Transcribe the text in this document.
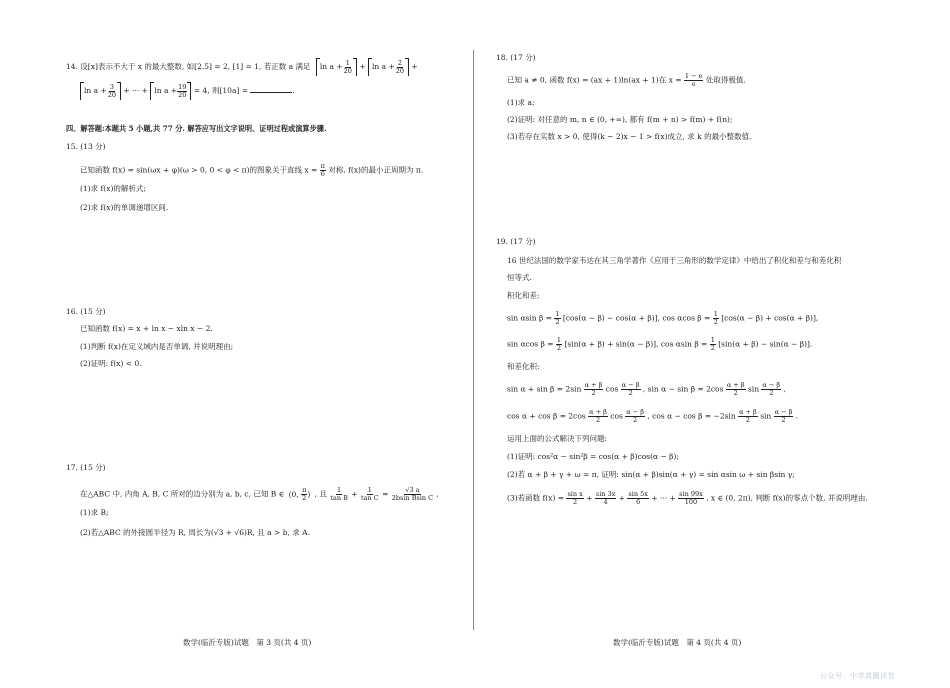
14. 设[x]表示不大于 x 的最大整数, 如[2.5] = 2, [1] = 1, 若正数 a 满足 $\ln a + \frac{1}{20} + \ln a + \frac{2}{20}$ +
$\ln a + \frac{3}{20}$ + ··· + $\ln a + \frac{19}{20} = 4$, 则[10a] =	.
四、解答题:本题共 5 小题,共 77 分. 解答应写出文字说明、证明过程或演算步骤.
15. (13 分)
已知函数 f(x) = sin(ωx + φ)(ω > 0, 0 < φ < π)的图象关于直线 $x = \frac{\pi}{6}$ 对称, f(x)的最小正周期为 π.
(1)求 f(x)的解析式;
(2)求 f(x)的单调递增区间.
16. (15 分)
已知函数 f(x) = x + ln x − xln x − 2.
(1)判断 f(x)在定义域内是否单调, 并说明理由;
(2)证明: f(x) < 0.
17. (15 分)
在△ABC 中, 内角 A, B, C 所对的边分别为 a, b, c, 已知 B ∈ ( 0,
$\frac{\pi}{2}$ ) , 且 $\frac{1}{\text{tan B}} + \frac{1}{\text{tan C}} = \frac{√3 a}{\text{2bsin Bsin C}}$ ,
(1)求 B;
(2)若△ABC 的外接圆半径为 R, 周长为(√3 + √6)R, 且 a > b, 求 A.
数学(临沂专版)试题　第 3 页(共 4 页)
18. (17 分)
已知 a ≠ 0, 函数 f(x) = (ax + 1)ln(ax + 1)在 $x = \frac{1 - e}{e}$ 处取得极值.
(1)求 a;
(2)证明: 对任意的 m, n ∈ (0, +∞), 都有 f(m + n) > f(m) + f(n);
(3)若存在实数 x > 0, 使得(k − 2)x − 1 > f(x)成立, 求 k 的最小整数值.
19. (17 分)
16 世纪法国的数学家韦达在其三角学著作《应用于三角形的数学定律》中给出了积化和差与和差化积
恒等式.
积化和差:
sin αsin $\beta = \frac{1}{2} [\cos(\alpha - \beta) - \cos(\alpha + \beta)]$, cos αcos $\beta = \frac{1}{2} [\cos(\alpha - \beta) + \cos(\alpha + \beta)]$,
sin αcos $\beta = \frac{1}{2} [\sin(\alpha + \beta) + \sin(\alpha - \beta)]$, cos αsin $\beta = \frac{1}{2} [\sin(\alpha + \beta) - \sin(\alpha - \beta)]$.
和差化积:
$\sin \alpha + \sin \beta = 2\sin \frac{\alpha + \beta}{2}$ $\cos \frac{\alpha - \beta}{2}$ , $\sin \alpha - \sin \beta = 2\cos \frac{\alpha + \beta}{2}$ $\sin \frac{\alpha - \beta}{2}$ ,
$\cos \alpha + \cos \beta = 2\cos \frac{\alpha + \beta}{2}$ $\cos \frac{\alpha - \beta}{2}$ , $\cos \alpha - \cos \beta = -2\sin \frac{\alpha + \beta}{2}$ $\sin \frac{\alpha - \beta}{2}$ .
运用上面的公式解决下列问题:
(1)证明: cos²α − sin²β = cos(α + β)cos(α − β);
(2)若 α + β + γ + ω = π, 证明: sin(α + β)sin(α + γ) = sin αsin ω + sin βsin γ;
(3)若函数 $f(x) = \frac{\text{sin x}}{2} + \frac{\sin 3x}{4} + \frac{\sin 5x}{6}$ + ··· + $\frac{\sin 99x}{100}$ , x ∈ (0, 2π), 判断 f(x)的零点个数, 并说明理由.
数学(临沂专版)试题　第 4 页(共 4 页)
公众号：中学真题试卷
